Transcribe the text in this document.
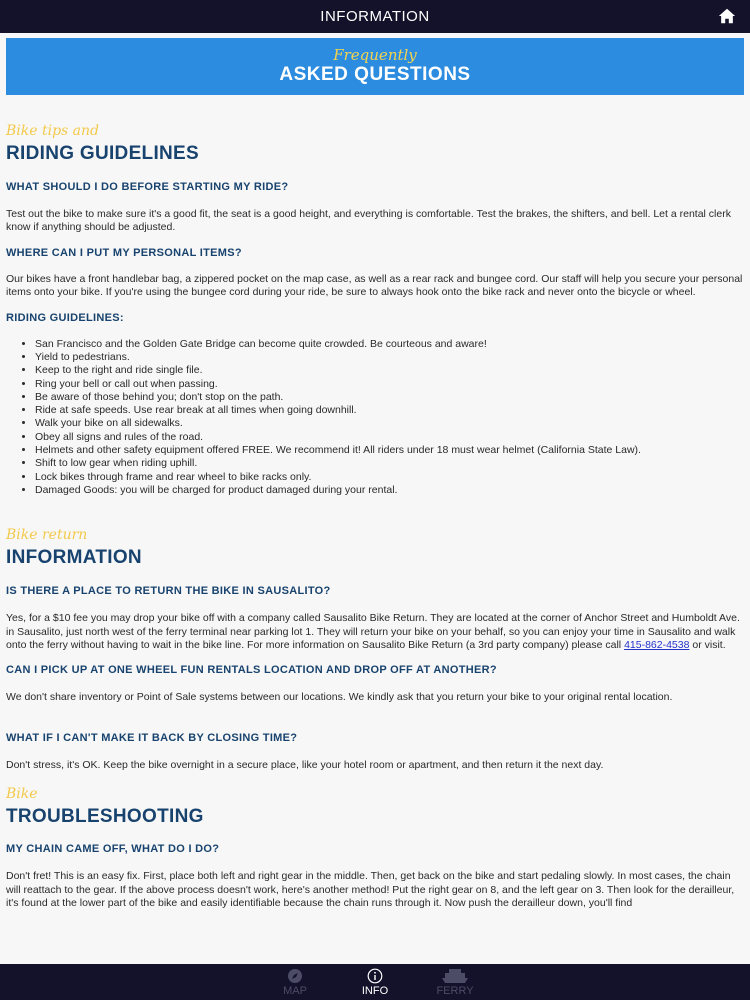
INFORMATION
Frequently
ASKED QUESTIONS

Bike tips and

RIDING GUIDELINES
WHAT SHOULD I DO BEFORE STARTING MY RIDE?

Test out the bike to make sure it's a good fit, the seat is a good height, and everything is comfortable. Test the brakes, the shifters, and bell. Let a rental clerk know if anything should be adjusted.

WHERE CAN I PUT MY PERSONAL ITEMS?

Our bikes have a front handlebar bag, a zippered pocket on the map case, as well as a rear rack and bungee cord. Our staff will help you secure your personal items onto your bike. If you're using the bungee cord during your ride, be sure to always hook onto the bike rack and never onto the bicycle or wheel.

RIDING GUIDELINES:
• San Francisco and the Golden Gate Bridge can become quite crowded. Be courteous and aware!
• Yield to pedestrians.
• Keep to the right and ride single file.
• Ring your bell or call out when passing.
• Be aware of those behind you; don't stop on the path.
• Ride at safe speeds. Use rear break at all times when going downhill.
• Walk your bike on all sidewalks.
• Obey all signs and rules of the road.
• Helmets and other safety equipment offered FREE. We recommend it! All riders under 18 must wear helmet (California State Law).
• Shift to low gear when riding uphill.
• Lock bikes through frame and rear wheel to bike racks only.
• Damaged Goods: you will be charged for product damaged during your rental.

Bike return

INFORMATION
IS THERE A PLACE TO RETURN THE BIKE IN SAUSALITO?

Yes, for a $10 fee you may drop your bike off with a company called Sausalito Bike Return. They are located at the corner of Anchor Street and Humboldt Ave. in Sausalito, just north west of the ferry terminal near parking lot 1. They will return your bike on your behalf, so you can enjoy your time in Sausalito and walk onto the ferry without having to wait in the bike line. For more information on Sausalito Bike Return (a 3rd party company) please call 415-862-4538 or visit.

CAN I PICK UP AT ONE WHEEL FUN RENTALS LOCATION AND DROP OFF AT ANOTHER?

We don't share inventory or Point of Sale systems between our locations. We kindly ask that you return your bike to your original rental location.

WHAT IF I CAN'T MAKE IT BACK BY CLOSING TIME?

Don't stress, it's OK. Keep the bike overnight in a secure place, like your hotel room or apartment, and then return it the next day.

Bike

TROUBLESHOOTING
MY CHAIN CAME OFF, WHAT DO I DO?

Don't fret! This is an easy fix. First, place both left and right gear in the middle. Then, get back on the bike and start pedaling slowly. In most cases, the chain will reattach to the gear. If the above process doesn't work, here's another method! Put the right gear on 8, and the left gear on 3. Then look for the derailleur, it's found at the lower part of the bike and easily identifiable because the chain runs through it. Now push the derailleur down, you'll find

MAP	INFO	FERRY
